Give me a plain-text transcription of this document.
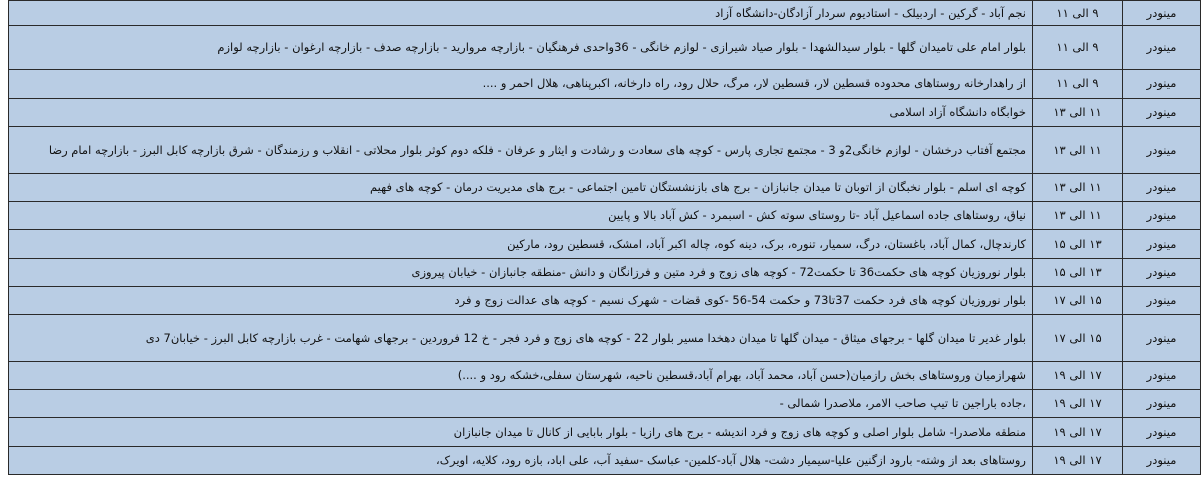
مینودر	۹ الی ۱۱	نجم آباد - گرکین - اردبیلک - استادیوم سردار آزادگان-دانشگاه آزاد
مینودر	۹ الی ۱۱	بلوار امام علی تامیدان گلها - بلوار سیدالشهدا - بلوار صیاد شیرازی - لوازم خانگی - 36واحدی فرهنگیان - بازارچه مرواريد - بازارچه صدف - بازارچه ارغوان - بازارچه لوازم
مینودر	۹ الی ۱۱	از راهدارخانه روستاهای محدوده قسطین لار، قسطین لار، مرگ، حلال رود، راه دارخانه، اکبرپناهی، هلال احمر و ....
مینودر	۱۱ الی ۱۳	خوابگاه دانشگاه آزاد اسلامی
مینودر	۱۱ الی ۱۳	مجتمع آفتاب درخشان - لوازم خانگی2و 3 - مجتمع تجاری پارس - کوچه های سعادت و رشادت و ایثار و عرفان - فلکه دوم کوثر بلوار محلاتی - انقلاب و رزمندگان - شرق بازارچه کابل البرز - بازارچه امام رضا
مینودر	۱۱ الی ۱۳	کوچه ای اسلم - بلوار نخبگان از اتوبان تا میدان جانبازان - برج های بازنشستگان تامین اجتماعی - برج های مدیریت درمان - کوچه های فهیم
مینودر	۱۱ الی ۱۳	نیاق، روستاهای جاده اسماعیل آباد -تا روستای سوته کش - اسبمرد - کش آباد بالا و پایین
مینودر	۱۳ الی ۱۵	کارندچال، کمال آباد، باغستان، درگ، سمیار، تنوره، برک، دینه کوه، چاله اکبر آباد، امشک، قسطین رود، مارکین
مینودر	۱۳ الی ۱۵	بلوار نوروزیان کوچه های حکمت36 تا حکمت72 - کوچه های زوج و فرد متین و فرزانگان و دانش -منطقه جانبازان - خیابان پیروزی
مینودر	۱۵ الی ۱۷	بلوار نوروزیان کوچه های فرد حکمت 37تا73 و حکمت 54-56 -کوی قضات - شهرک نسیم - کوچه های عدالت زوج و فرد
مینودر	۱۵ الی ۱۷	بلوار غدیر تا میدان گلها - برجهای میثاق - میدان گلها تا میدان دهخدا مسیر بلوار 22 - کوچه های زوج و فرد فجر - خ 12 فروردین - برجهای شهامت - غرب بازارچه کابل البرز - خیابان7 دی
مینودر	۱۷ الی ۱۹	شهرازمیان وروستاهای بخش رازمیان(حسن آباد، محمد آباد، بهرام آباد،قسطین ناحیه، شهرستان سفلی،خشکه رود و ....)
مینودر	۱۷ الی ۱۹	،جاده باراجین تا تیپ صاحب الامر، ملاصدرا شمالی -
مینودر	۱۷ الی ۱۹	منطقه ملاصدرا- شامل بلوار اصلی و کوچه های زوج و فرد اندیشه - برج های رازیا - بلوار بابایی از کانال تا میدان جانبازان
مینودر	۱۷ الی ۱۹	روستاهای بعد از وشته- بارود ازگنین علیا-سیمیار دشت- هلال آباد-کلمین- عباسک -سفید آب، علی اباد، بازه رود، کلایه، اویرک،
